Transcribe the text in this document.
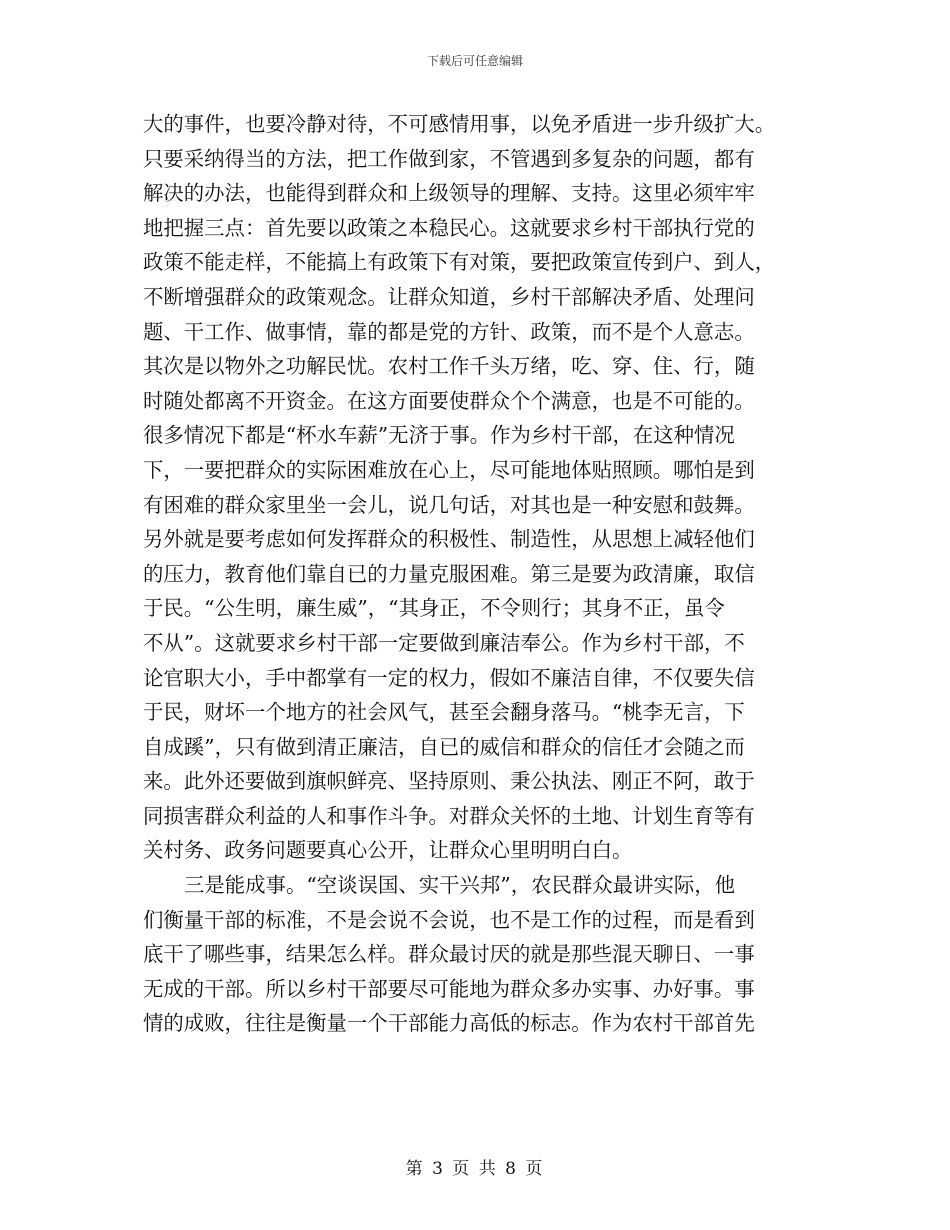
下载后可任意编辑
大的事件，也要冷静对待，不可感情用事，以免矛盾进一步升级扩大。
只要采纳得当的方法，把工作做到家，不管遇到多复杂的问题，都有
解决的办法，也能得到群众和上级领导的理解、支持。这里必须牢牢
地把握三点：首先要以政策之本稳民心。这就要求乡村干部执行党的
政策不能走样，不能搞上有政策下有对策，要把政策宣传到户、到人，
不断增强群众的政策观念。让群众知道，乡村干部解决矛盾、处理问
题、干工作、做事情，靠的都是党的方针、政策，而不是个人意志。
其次是以物外之功解民忧。农村工作千头万绪，吃、穿、住、行，随
时随处都离不开资金。在这方面要使群众个个满意，也是不可能的。
很多情况下都是“杯水车薪”无济于事。作为乡村干部，在这种情况
下，一要把群众的实际困难放在心上，尽可能地体贴照顾。哪怕是到
有困难的群众家里坐一会儿，说几句话，对其也是一种安慰和鼓舞。
另外就是要考虑如何发挥群众的积极性、制造性，从思想上减轻他们
的压力，教育他们靠自已的力量克服困难。第三是要为政清廉，取信
于民。“公生明，廉生威”，“其身正，不令则行；其身不正，虽令
不从”。这就要求乡村干部一定要做到廉洁奉公。作为乡村干部，不
论官职大小，手中都掌有一定的权力，假如不廉洁自律，不仅要失信
于民，财坏一个地方的社会风气，甚至会翻身落马。“桃李无言，下
自成蹊”，只有做到清正廉洁，自已的威信和群众的信任才会随之而
来。此外还要做到旗帜鲜亮、坚持原则、秉公执法、刚正不阿，敢于
同损害群众利益的人和事作斗争。对群众关怀的土地、计划生育等有
关村务、政务问题要真心公开，让群众心里明明白白。
三是能成事。“空谈误国、实干兴邦”，农民群众最讲实际，他
们衡量干部的标准，不是会说不会说，也不是工作的过程，而是看到
底干了哪些事，结果怎么样。群众最讨厌的就是那些混天聊日、一事
无成的干部。所以乡村干部要尽可能地为群众多办实事、办好事。事
情的成败，往往是衡量一个干部能力高低的标志。作为农村干部首先
第 3 页 共 8 页
